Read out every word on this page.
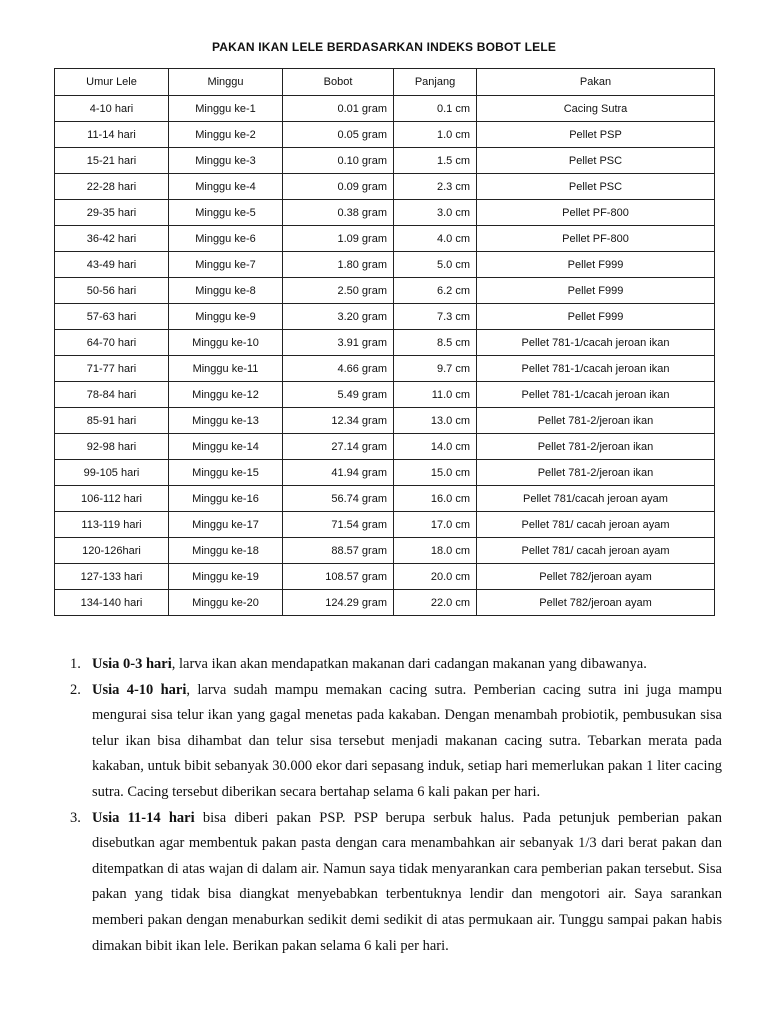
PAKAN IKAN LELE BERDASARKAN INDEKS BOBOT LELE
Umur Lele	Minggu	Bobot	Panjang	Pakan
4-10 hari	Minggu ke-1	0.01 gram	0.1 cm	Cacing Sutra
11-14 hari	Minggu ke-2	0.05 gram	1.0 cm	Pellet PSP
15-21 hari	Minggu ke-3	0.10 gram	1.5 cm	Pellet PSC
22-28 hari	Minggu ke-4	0.09 gram	2.3 cm	Pellet PSC
29-35 hari	Minggu ke-5	0.38 gram	3.0 cm	Pellet PF-800
36-42 hari	Minggu ke-6	1.09 gram	4.0 cm	Pellet PF-800
43-49 hari	Minggu ke-7	1.80 gram	5.0 cm	Pellet F999
50-56 hari	Minggu ke-8	2.50 gram	6.2 cm	Pellet F999
57-63 hari	Minggu ke-9	3.20 gram	7.3 cm	Pellet F999
64-70 hari	Minggu ke-10	3.91 gram	8.5 cm	Pellet 781-1/cacah jeroan ikan
71-77 hari	Minggu ke-11	4.66 gram	9.7 cm	Pellet 781-1/cacah jeroan ikan
78-84 hari	Minggu ke-12	5.49 gram	11.0 cm	Pellet 781-1/cacah jeroan ikan
85-91 hari	Minggu ke-13	12.34 gram	13.0 cm	Pellet 781-2/jeroan ikan
92-98 hari	Minggu ke-14	27.14 gram	14.0 cm	Pellet 781-2/jeroan ikan
99-105 hari	Minggu ke-15	41.94 gram	15.0 cm	Pellet 781-2/jeroan ikan
106-112 hari	Minggu ke-16	56.74 gram	16.0 cm	Pellet 781/cacah jeroan ayam
113-119 hari	Minggu ke-17	71.54 gram	17.0 cm	Pellet 781/ cacah jeroan ayam
120-126hari	Minggu ke-18	88.57 gram	18.0 cm	Pellet 781/ cacah jeroan ayam
127-133 hari	Minggu ke-19	108.57 gram	20.0 cm	Pellet 782/jeroan ayam
134-140 hari	Minggu ke-20	124.29 gram	22.0 cm	Pellet 782/jeroan ayam
1. Usia 0-3 hari, larva ikan akan mendapatkan makanan dari cadangan makanan yang dibawanya.
2. Usia 4-10 hari, larva sudah mampu memakan cacing sutra. Pemberian cacing sutra ini juga mampu mengurai sisa telur ikan yang gagal menetas pada kakaban. Dengan menambah probiotik, pembusukan sisa telur ikan bisa dihambat dan telur sisa tersebut menjadi makanan cacing sutra. Tebarkan merata pada kakaban, untuk bibit sebanyak 30.000 ekor dari sepasang induk, setiap hari memerlukan pakan 1 liter cacing sutra. Cacing tersebut diberikan secara bertahap selama 6 kali pakan per hari.
3. Usia 11-14 hari bisa diberi pakan PSP. PSP berupa serbuk halus. Pada petunjuk pemberian pakan disebutkan agar membentuk pakan pasta dengan cara menambahkan air sebanyak 1/3 dari berat pakan dan ditempatkan di atas wajan di dalam air. Namun saya tidak menyarankan cara pemberian pakan tersebut. Sisa pakan yang tidak bisa diangkat menyebabkan terbentuknya lendir dan mengotori air. Saya sarankan memberi pakan dengan menaburkan sedikit demi sedikit di atas permukaan air. Tunggu sampai pakan habis dimakan bibit ikan lele. Berikan pakan selama 6 kali per hari.
